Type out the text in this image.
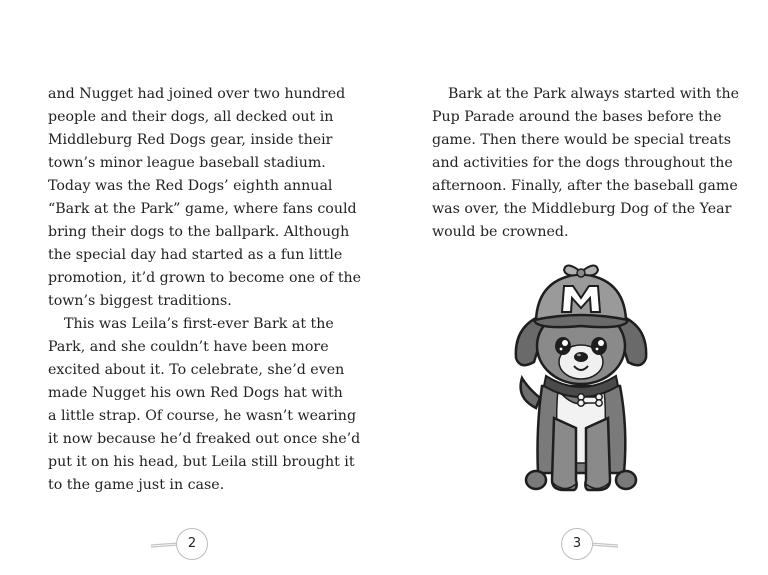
and Nugget had joined over two hundred
people and their dogs, all decked out in
Middleburg Red Dogs gear, inside their
town’s minor league baseball stadium.
Today was the Red Dogs’ eighth annual
“Bark at the Park” game, where fans could
bring their dogs to the ballpark. Although
the special day had started as a fun little
promotion, it’d grown to become one of the
town’s biggest traditions.
This was Leila’s first-ever Bark at the
Park, and she couldn’t have been more
excited about it. To celebrate, she’d even
made Nugget his own Red Dogs hat with
a little strap. Of course, he wasn’t wearing
it now because he’d freaked out once she’d
put it on his head, but Leila still brought it
to the game just in case.
2
Bark at the Park always started with the
Pup Parade around the bases before the
game. Then there would be special treats
and activities for the dogs throughout the
afternoon. Finally, after the baseball game
was over, the Middleburg Dog of the Year
would be crowned.
3
